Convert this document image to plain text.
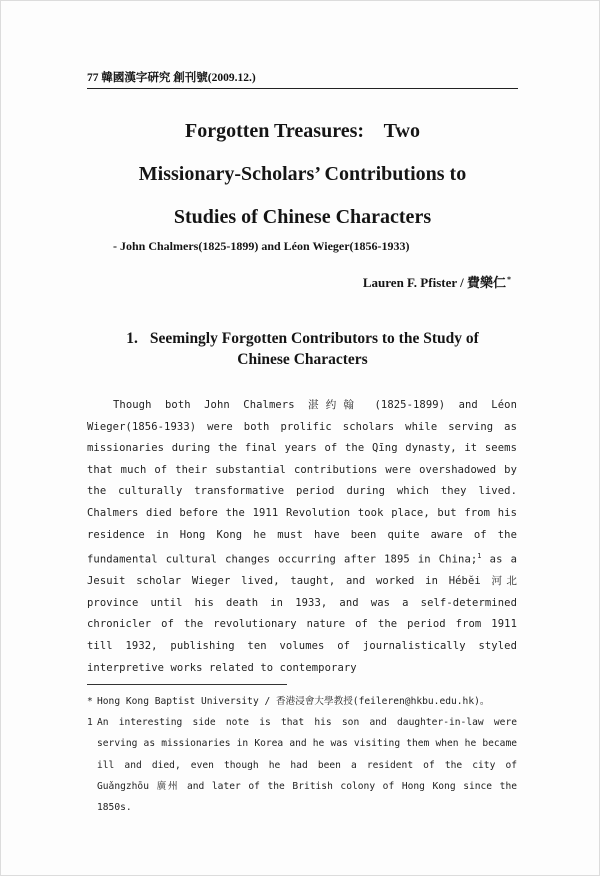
77 韓國漢字硏究 創刊號(2009.12.)
Forgotten Treasures:    Two
Missionary-Scholars’ Contributions to
Studies of Chinese Characters
- John Chalmers(1825-1899) and Léon Wieger(1856-1933)
Lauren F. Pfister / 費樂仁*
1. Seemingly Forgotten Contributors to the Study of
Chinese Characters

Though both John Chalmers 湛约翰 (1825-1899) and Léon Wieger(1856-1933) were both prolific scholars while serving as missionaries during the final years of the Qīng dynasty, it seems that much of their substantial contributions were overshadowed by the culturally transformative period during which they lived. Chalmers died before the 1911 Revolution took place, but from his residence in Hong Kong he must have been quite aware of the fundamental cultural changes occurring after 1895 in China;$^1$ as a Jesuit scholar Wieger lived, taught, and worked in Hébĕi 河北 province until his death in 1933, and was a self-determined chronicler of the revolutionary nature of the period from 1911 till 1932, publishing ten volumes of journalistically styled interpretive works related to contemporary

* Hong Kong Baptist University / 香港浸會大學教授(feileren@hkbu.edu.hk)。
1 An interesting side note is that his son and daughter-in-law were serving as missionaries in Korea and he was visiting them when he became ill and died, even though he had been a resident of the city of Guǎngzhōu 廣州 and later of the British colony of Hong Kong since the 1850s.
